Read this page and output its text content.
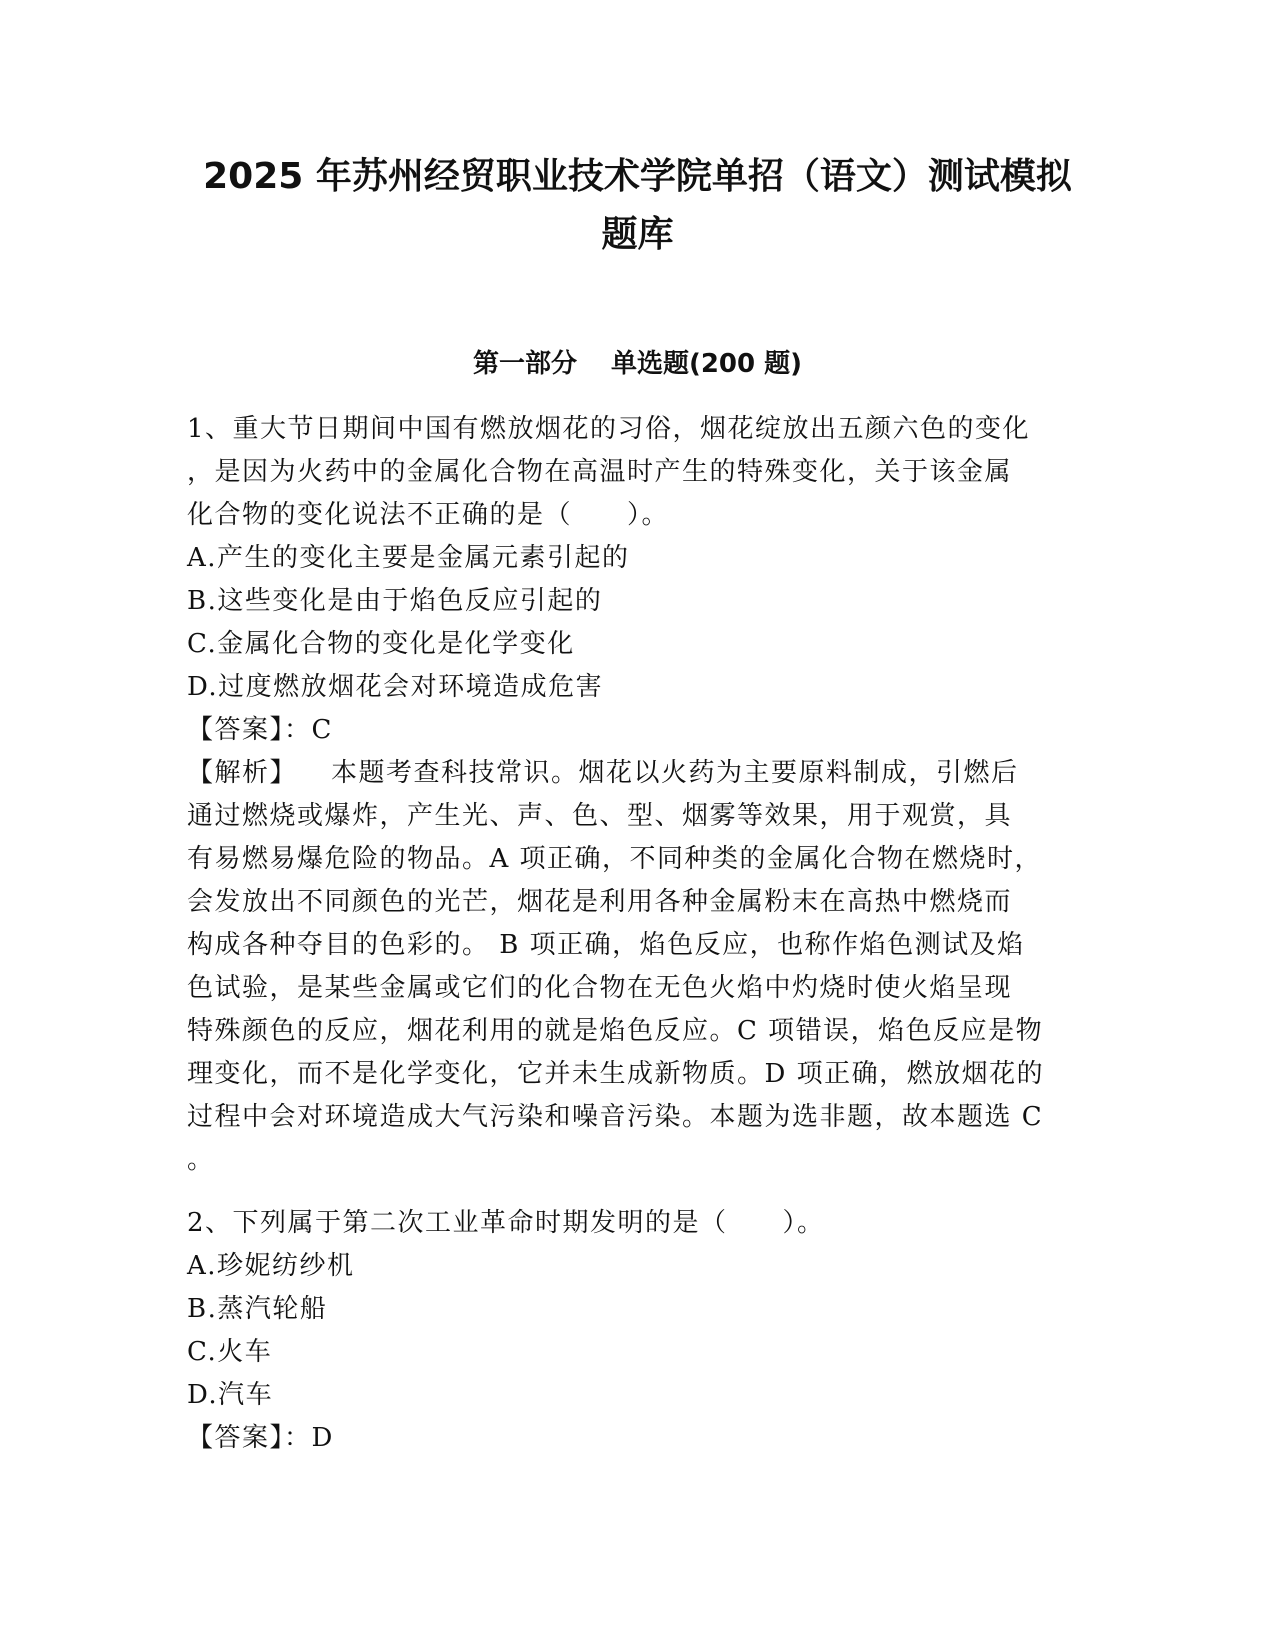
2025 年苏州经贸职业技术学院单招（语文）测试模拟
题库
第一部分 单选题(200 题)

1、重大节日期间中国有燃放烟花的习俗，烟花绽放出五颜六色的变化
，是因为火药中的金属化合物在高温时产生的特殊变化，关于该金属
化合物的变化说法不正确的是（　　）。

A.产生的变化主要是金属元素引起的
B.这些变化是由于焰色反应引起的
C.金属化合物的变化是化学变化
D.过度燃放烟花会对环境造成危害
【答案】：C
【解析】 本题考查科技常识。烟花以火药为主要原料制成，引燃后
通过燃烧或爆炸，产生光、声、色、型、烟雾等效果，用于观赏，具
有易燃易爆危险的物品。A 项正确，不同种类的金属化合物在燃烧时，
会发放出不同颜色的光芒，烟花是利用各种金属粉末在高热中燃烧而
构成各种夺目的色彩的。 B 项正确，焰色反应，也称作焰色测试及焰
色试验，是某些金属或它们的化合物在无色火焰中灼烧时使火焰呈现
特殊颜色的反应，烟花利用的就是焰色反应。C 项错误，焰色反应是物
理变化，而不是化学变化，它并未生成新物质。D 项正确，燃放烟花的
过程中会对环境造成大气污染和噪音污染。本题为选非题，故本题选 C
。

2、下列属于第二次工业革命时期发明的是（　　）。

A.珍妮纺纱机
B.蒸汽轮船
C.火车
D.汽车
【答案】：D
